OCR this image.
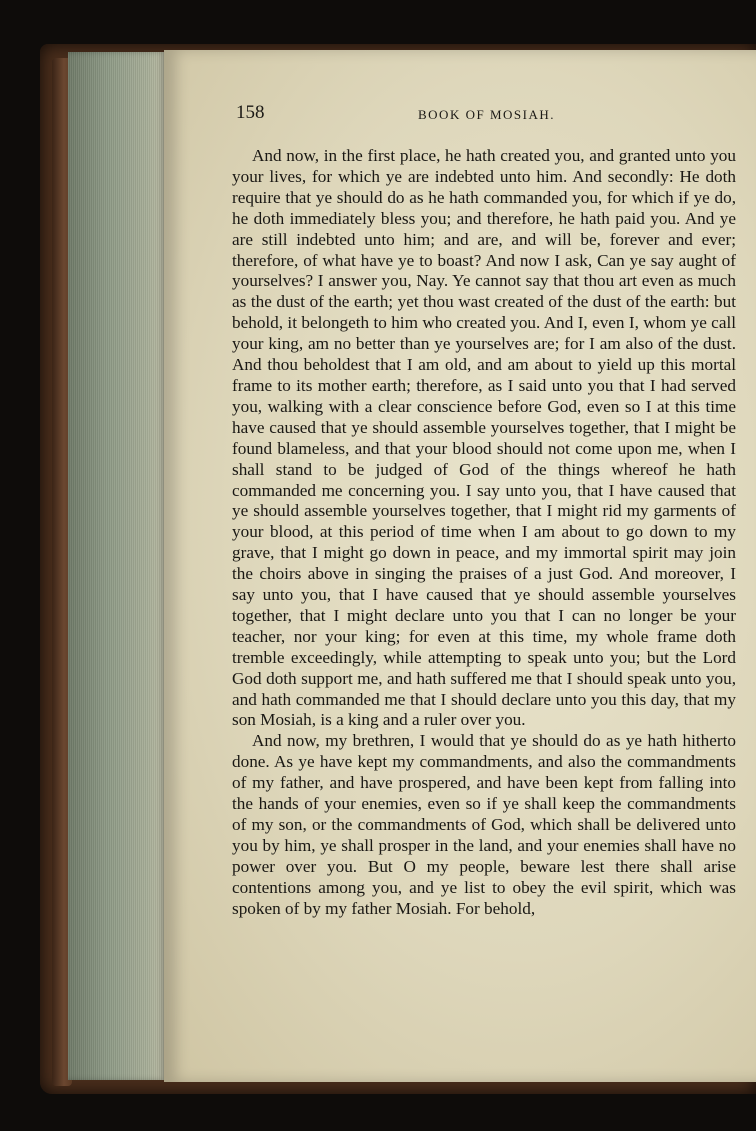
158	BOOK OF MOSIAH.

And now, in the first place, he hath created you, and granted unto you your lives, for which ye are indebted unto him. And secondly: He doth require that ye should do as he hath commanded you, for which if ye do, he doth immediately bless you; and therefore, he hath paid you. And ye are still indebted unto him; and are, and will be, forever and ever; therefore, of what have ye to boast? And now I ask, Can ye say aught of yourselves? I answer you, Nay. Ye cannot say that thou art even as much as the dust of the earth; yet thou wast created of the dust of the earth: but behold, it belongeth to him who created you. And I, even I, whom ye call your king, am no better than ye yourselves are; for I am also of the dust. And thou beholdest that I am old, and am about to yield up this mortal frame to its mother earth; therefore, as I said unto you that I had served you, walking with a clear conscience before God, even so I at this time have caused that ye should assemble yourselves together, that I might be found blameless, and that your blood should not come upon me, when I shall stand to be judged of God of the things whereof he hath commanded me concerning you. I say unto you, that I have caused that ye should assemble yourselves together, that I might rid my garments of your blood, at this period of time when I am about to go down to my grave, that I might go down in peace, and my immortal spirit may join the choirs above in singing the praises of a just God. And moreover, I say unto you, that I have caused that ye should assemble yourselves together, that I might declare unto you that I can no longer be your teacher, nor your king; for even at this time, my whole frame doth tremble exceedingly, while attempting to speak unto you; but the Lord God doth support me, and hath suffered me that I should speak unto you, and hath commanded me that I should declare unto you this day, that my son Mosiah, is a king and a ruler over you.

And now, my brethren, I would that ye should do as ye hath hitherto done. As ye have kept my commandments, and also the commandments of my father, and have prospered, and have been kept from falling into the hands of your enemies, even so if ye shall keep the commandments of my son, or the commandments of God, which shall be delivered unto you by him, ye shall prosper in the land, and your enemies shall have no power over you. But O my people, beware lest there shall arise contentions among you, and ye list to obey the evil spirit, which was spoken of by my father Mosiah. For behold,
